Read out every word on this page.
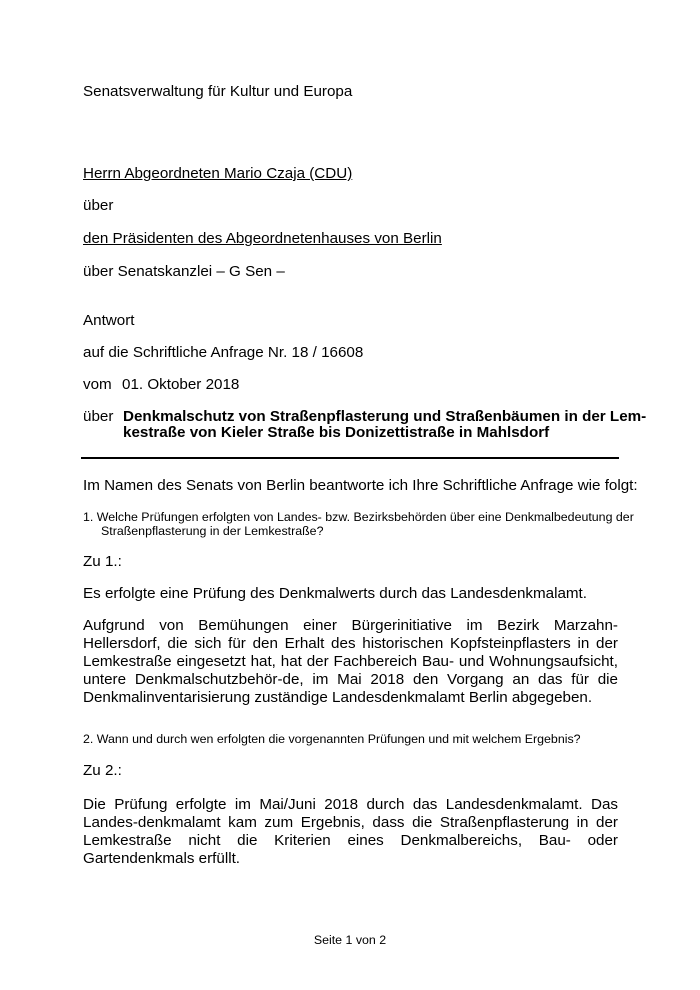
Senatsverwaltung für Kultur und Europa
Herrn Abgeordneten Mario Czaja (CDU)
über
den Präsidenten des Abgeordnetenhauses von Berlin
über Senatskanzlei – G Sen –
Antwort
auf die Schriftliche Anfrage Nr. 18 / 16608
vom 01. Oktober 2018
über Denkmalschutz von Straßenpflasterung und Straßenbäumen in der Lem-
kestraße von Kieler Straße bis Donizettistraße in Mahlsdorf
Im Namen des Senats von Berlin beantworte ich Ihre Schriftliche Anfrage wie folgt:
1. Welche Prüfungen erfolgten von Landes- bzw. Bezirksbehörden über eine Denkmalbedeutung der
Straßenpflasterung in der Lemkestraße?
Zu 1.:
Es erfolgte eine Prüfung des Denkmalwerts durch das Landesdenkmalamt.
Aufgrund von Bemühungen einer Bürgerinitiative im Bezirk Marzahn-Hellersdorf, die sich für den Erhalt des historischen Kopfsteinpflasters in der Lemkestraße eingesetzt hat, hat der Fachbereich Bau- und Wohnungsaufsicht, untere Denkmalschutzbehör-de, im Mai 2018 den Vorgang an das für die Denkmalinventarisierung zuständige Landesdenkmalamt Berlin abgegeben.
2. Wann und durch wen erfolgten die vorgenannten Prüfungen und mit welchem Ergebnis?
Zu 2.:
Die Prüfung erfolgte im Mai/Juni 2018 durch das Landesdenkmalamt. Das Landes-denkmalamt kam zum Ergebnis, dass die Straßenpflasterung in der Lemkestraße nicht die Kriterien eines Denkmalbereichs, Bau- oder Gartendenkmals erfüllt.
Seite 1 von 2
